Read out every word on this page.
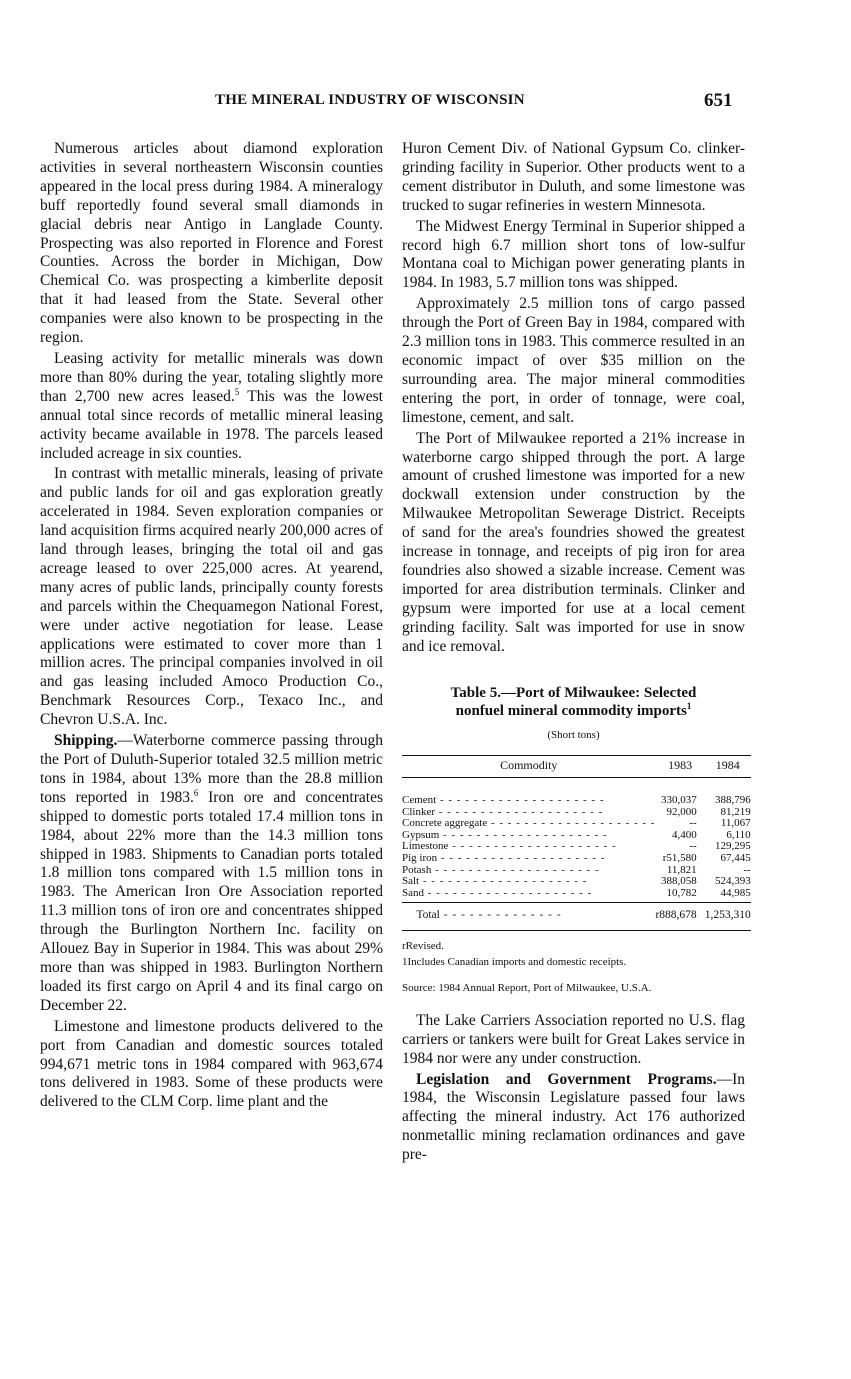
THE MINERAL INDUSTRY OF WISCONSIN	651

Numerous articles about diamond exploration activities in several northeastern Wisconsin counties appeared in the local press during 1984. A mineralogy buff reportedly found several small diamonds in glacial debris near Antigo in Langlade County. Prospecting was also reported in Florence and Forest Counties. Across the border in Michigan, Dow Chemical Co. was prospecting a kimberlite deposit that it had leased from the State. Several other companies were also known to be prospecting in the region.

Leasing activity for metallic minerals was down more than 80% during the year, totaling slightly more than 2,700 new acres leased.$^5$ This was the lowest annual total since records of metallic mineral leasing activity became available in 1978. The parcels leased included acreage in six counties.

In contrast with metallic minerals, leasing of private and public lands for oil and gas exploration greatly accelerated in 1984. Seven exploration companies or land acquisition firms acquired nearly 200,000 acres of land through leases, bringing the total oil and gas acreage leased to over 225,000 acres. At yearend, many acres of public lands, principally county forests and parcels within the Chequamegon National Forest, were under active negotiation for lease. Lease applications were estimated to cover more than 1 million acres. The principal companies involved in oil and gas leasing included Amoco Production Co., Benchmark Resources Corp., Texaco Inc., and Chevron U.S.A. Inc.

Shipping.—Waterborne commerce passing through the Port of Duluth-Superior totaled 32.5 million metric tons in 1984, about 13% more than the 28.8 million tons reported in 1983.$^6$ Iron ore and concentrates shipped to domestic ports totaled 17.4 million tons in 1984, about 22% more than the 14.3 million tons shipped in 1983. Shipments to Canadian ports totaled 1.8 million tons compared with 1.5 million tons in 1983. The American Iron Ore Association reported 11.3 million tons of iron ore and concentrates shipped through the Burlington Northern Inc. facility on Allouez Bay in Superior in 1984. This was about 29% more than was shipped in 1983. Burlington Northern loaded its first cargo on April 4 and its final cargo on December 22.

Limestone and limestone products delivered to the port from Canadian and domestic sources totaled 994,671 metric tons in 1984 compared with 963,674 tons delivered in 1983. Some of these products were delivered to the CLM Corp. lime plant and the

Huron Cement Div. of National Gypsum Co. clinker-grinding facility in Superior. Other products went to a cement distributor in Duluth, and some limestone was trucked to sugar refineries in western Minnesota.

The Midwest Energy Terminal in Superior shipped a record high 6.7 million short tons of low-sulfur Montana coal to Michigan power generating plants in 1984. In 1983, 5.7 million tons was shipped.

Approximately 2.5 million tons of cargo passed through the Port of Green Bay in 1984, compared with 2.3 million tons in 1983. This commerce resulted in an economic impact of over $35 million on the surrounding area. The major mineral commodities entering the port, in order of tonnage, were coal, limestone, cement, and salt.

The Port of Milwaukee reported a 21% increase in waterborne cargo shipped through the port. A large amount of crushed limestone was imported for a new dockwall extension under construction by the Milwaukee Metropolitan Sewerage District. Receipts of sand for the area's foundries showed the greatest increase in tonnage, and receipts of pig iron for area foundries also showed a sizable increase. Cement was imported for area distribution terminals. Clinker and gypsum were imported for use at a local cement grinding facility. Salt was imported for use in snow and ice removal.

Table 5.—Port of Milwaukee: Selected
nonfuel mineral commodity imports$^1$
(Short tons)
Commodity	1983	1984
Cement - - - - - - - - - - - - - - - - - - - -	330,037	388,796
Clinker - - - - - - - - - - - - - - - - - - - -	92,000	81,219
Concrete aggregate - - - - - - - - - - - - - - - - - - - -	--	11,067
Gypsum - - - - - - - - - - - - - - - - - - - -	4,400	6,110
Limestone - - - - - - - - - - - - - - - - - - - -	--	129,295
Pig iron - - - - - - - - - - - - - - - - - - - -	r51,580	67,445
Potash - - - - - - - - - - - - - - - - - - - -	11,821	--
Salt - - - - - - - - - - - - - - - - - - - -	388,058	524,393
Sand - - - - - - - - - - - - - - - - - - - -	10,782	44,985
Total - - - - - - - - - - - - - -	r888,678	1,253,310
rRevised.
1Includes Canadian imports and domestic receipts.
Source: 1984 Annual Report, Port of Milwaukee, U.S.A.

The Lake Carriers Association reported no U.S. flag carriers or tankers were built for Great Lakes service in 1984 nor were any under construction.

Legislation and Government Programs.—In 1984, the Wisconsin Legislature passed four laws affecting the mineral industry. Act 176 authorized nonmetallic mining reclamation ordinances and gave pre-
